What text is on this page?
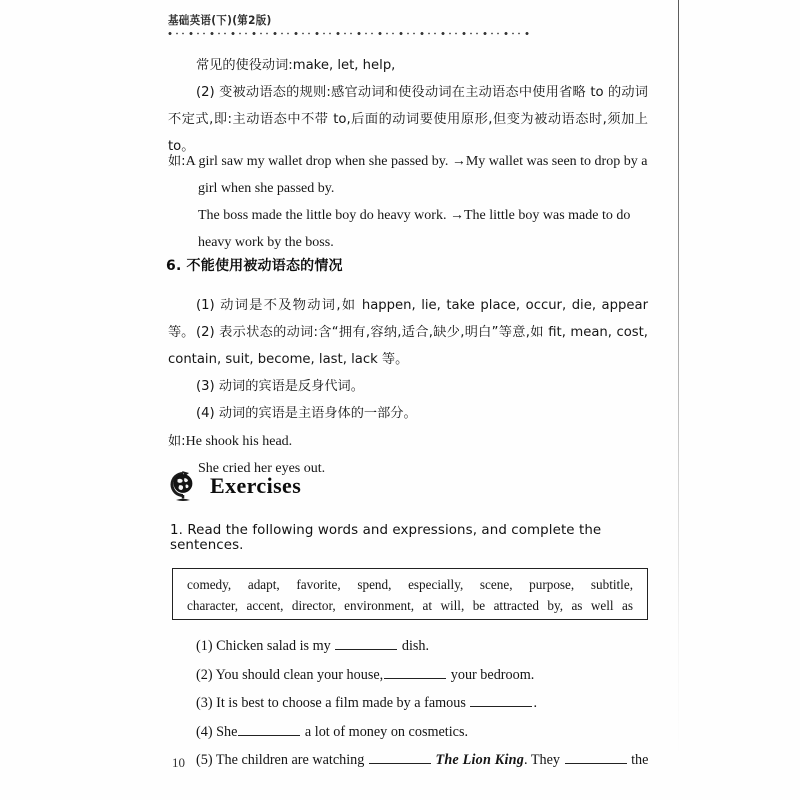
基础英语(下)(第2版)
常见的使役动词:make, let, help,
(2) 变被动语态的规则:感官动词和使役动词在主动语态中使用省略 to 的动词不定式,即:主动语态中不带 to,后面的动词要使用原形,但变为被动语态时,须加上 to。
如:A girl saw my wallet drop when she passed by. →My wallet was seen to drop by a girl when she passed by.
The boss made the little boy do heavy work. →The little boy was made to do heavy work by the boss.
6. 不能使用被动语态的情况
(1) 动词是不及物动词,如 happen, lie, take place, occur, die, appear 等。 (2) 表示状态的动词:含“拥有,容纳,适合,缺少,明白”等意,如 fit, mean, cost, contain, suit, become, last, lack 等。
(3) 动词的宾语是反身代词。
(4) 动词的宾语是主语身体的一部分。
如:He shook his head.
She cried her eyes out.
Exercises
1. Read the following words and expressions, and complete the sentences.
comedy, adapt, favorite, spend, especially, scene, purpose, subtitle,
character, accent, director, environment, at will, be attracted by, as well as
(1) Chicken salad is my	dish.
(2) You should clean your house,	your bedroom.
(3) It is best to choose a film made by a famous	.
(4) She	a lot of money on cosmetics.
(5) The children are watching	The Lion King. They	the
10
